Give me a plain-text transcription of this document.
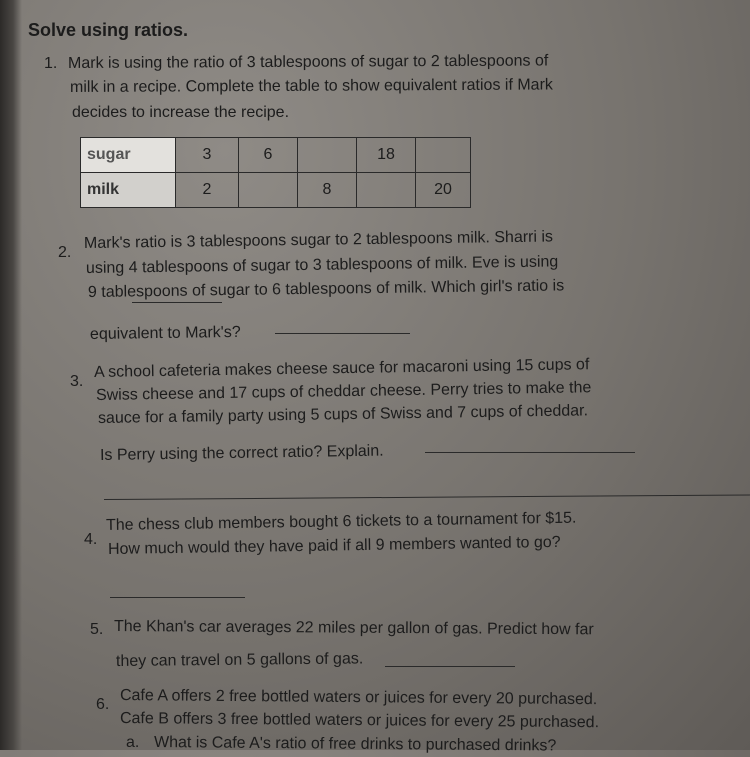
Solve using ratios.
1. Mark is using the ratio of 3 tablespoons of sugar to 2 tablespoons of
milk in a recipe. Complete the table to show equivalent ratios if Mark
decides to increase the recipe.
sugar	3	6		18	
milk	2		8		20
2.
Mark's ratio is 3 tablespoons sugar to 2 tablespoons milk. Sharri is
using 4 tablespoons of sugar to 3 tablespoons of milk. Eve is using
9 tablespoons of sugar to 6 tablespoons of milk. Which girl's ratio is
equivalent to Mark's?
3.
A school cafeteria makes cheese sauce for macaroni using 15 cups of
Swiss cheese and 17 cups of cheddar cheese. Perry tries to make the
sauce for a family party using 5 cups of Swiss and 7 cups of cheddar.
Is Perry using the correct ratio? Explain.
4.
The chess club members bought 6 tickets to a tournament for $15.
How much would they have paid if all 9 members wanted to go?
5. The Khan's car averages 22 miles per gallon of gas. Predict how far
they can travel on 5 gallons of gas.
6. Cafe A offers 2 free bottled waters or juices for every 20 purchased.
Cafe B offers 3 free bottled waters or juices for every 25 purchased.
a. What is Cafe A's ratio of free drinks to purchased drinks?
